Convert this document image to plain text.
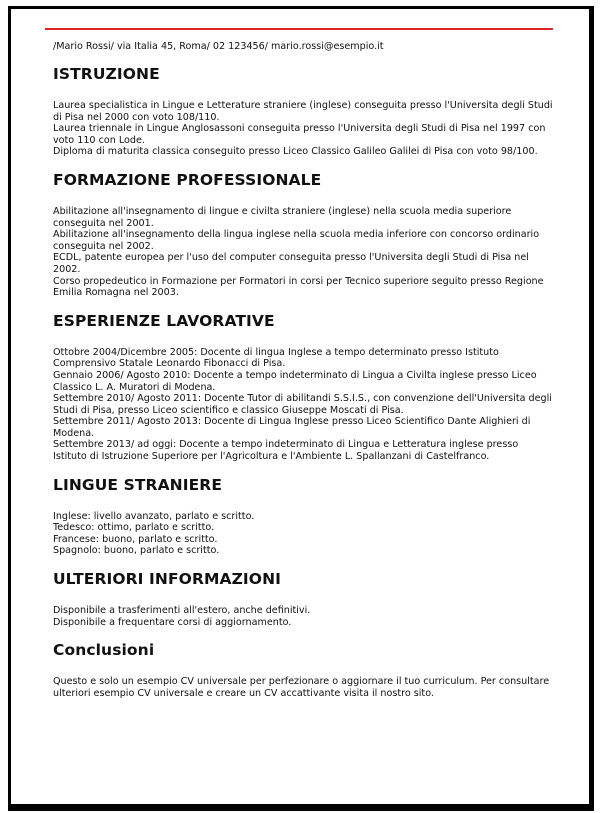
/Mario Rossi/ via Italia 45, Roma/ 02 123456/ mario.rossi@esempio.it
ISTRUZIONE

Laurea specialistica in Lingue e Letterature straniere (inglese) conseguita presso l'Universita degli Studi di Pisa nel 2000 con voto 108/110.

Laurea triennale in Lingue Anglosassoni conseguita presso l'Universita degli Studi di Pisa nel 1997 con voto 110 con Lode.

Diploma di maturita classica conseguito presso Liceo Classico Galileo Galilei di Pisa con voto 98/100.

FORMAZIONE PROFESSIONALE

Abilitazione all'insegnamento di lingue e civilta straniere (inglese) nella scuola media superiore conseguita nel 2001.

Abilitazione all'insegnamento della lingua inglese nella scuola media inferiore con concorso ordinario conseguita nel 2002.

ECDL, patente europea per l'uso del computer conseguita presso l'Universita degli Studi di Pisa nel 2002.

Corso propedeutico in Formazione per Formatori in corsi per Tecnico superiore seguito presso Regione Emilia Romagna nel 2003.

ESPERIENZE LAVORATIVE

Ottobre 2004/Dicembre 2005: Docente di lingua Inglese a tempo determinato presso Istituto Comprensivo Statale Leonardo Fibonacci di Pisa.

Gennaio 2006/ Agosto 2010: Docente a tempo indeterminato di Lingua a Civilta inglese presso Liceo Classico L. A. Muratori di Modena.

Settembre 2010/ Agosto 2011: Docente Tutor di abilitandi S.S.I.S., con convenzione dell'Universita degli Studi di Pisa, presso Liceo scientifico e classico Giuseppe Moscati di Pisa.

Settembre 2011/ Agosto 2013: Docente di Lingua Inglese presso Liceo Scientifico Dante Alighieri di Modena.

Settembre 2013/ ad oggi: Docente a tempo indeterminato di Lingua e Letteratura inglese presso Istituto di Istruzione Superiore per l'Agricoltura e l'Ambiente L. Spallanzani di Castelfranco.

LINGUE STRANIERE

Inglese: livello avanzato, parlato e scritto.

Tedesco: ottimo, parlato e scritto.

Francese: buono, parlato e scritto.

Spagnolo: buono, parlato e scritto.

ULTERIORI INFORMAZIONI

Disponibile a trasferimenti all'estero, anche definitivi.

Disponibile a frequentare corsi di aggiornamento.

Conclusioni

Questo e solo un esempio CV universale per perfezionare o aggiornare il tuo curriculum. Per consultare ulteriori esempio CV universale e creare un CV accattivante visita il nostro sito.
